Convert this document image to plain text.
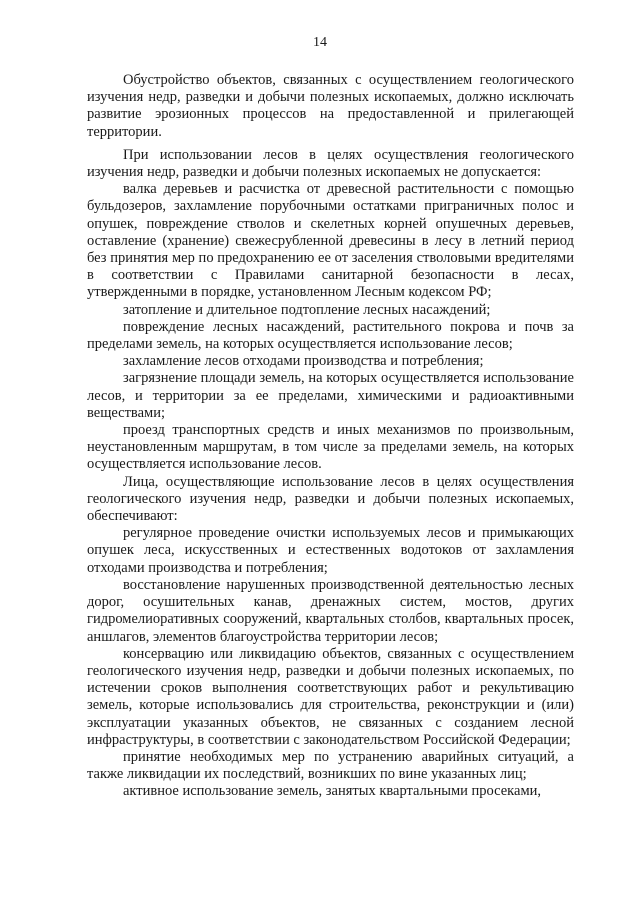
14

Обустройство объектов, связанных с осуществлением геологического изучения недр, разведки и добычи полезных ископаемых, должно исключать развитие эрозионных процессов на предоставленной и прилегающей территории.

При использовании лесов в целях осуществления геологического изучения недр, разведки и добычи полезных ископаемых не допускается:

валка деревьев и расчистка от древесной растительности с помощью бульдозеров, захламление порубочными остатками приграничных полос и опушек, повреждение стволов и скелетных корней опушечных деревьев, оставление (хранение) свежесрубленной древесины в лесу в летний период без принятия мер по предохранению ее от заселения стволовыми вредителями в соответствии с Правилами санитарной безопасности в лесах, утвержденными в порядке, установленном Лесным кодексом РФ;

затопление и длительное подтопление лесных насаждений;

повреждение лесных насаждений, растительного покрова и почв за пределами земель, на которых осуществляется использование лесов;

захламление лесов отходами производства и потребления;

загрязнение площади земель, на которых осуществляется использование лесов, и территории за ее пределами, химическими и радиоактивными веществами;

проезд транспортных средств и иных механизмов по произвольным, неустановленным маршрутам, в том числе за пределами земель, на которых осуществляется использование лесов.

Лица, осуществляющие использование лесов в целях осуществления геологического изучения недр, разведки и добычи полезных ископаемых, обеспечивают:

регулярное проведение очистки используемых лесов и примыкающих опушек леса, искусственных и естественных водотоков от захламления отходами производства и потребления;

восстановление нарушенных производственной деятельностью лесных дорог, осушительных канав, дренажных систем, мостов, других гидромелиоративных сооружений, квартальных столбов, квартальных просек, аншлагов, элементов благоустройства территории лесов;

консервацию или ликвидацию объектов, связанных с осуществлением геологического изучения недр, разведки и добычи полезных ископаемых, по истечении сроков выполнения соответствующих работ и рекультивацию земель, которые использовались для строительства, реконструкции и (или) эксплуатации указанных объектов, не связанных с созданием лесной инфраструктуры, в соответствии с законодательством Российской Федерации;

принятие необходимых мер по устранению аварийных ситуаций, а также ликвидации их последствий, возникших по вине указанных лиц;

активное использование земель, занятых квартальными просеками,
